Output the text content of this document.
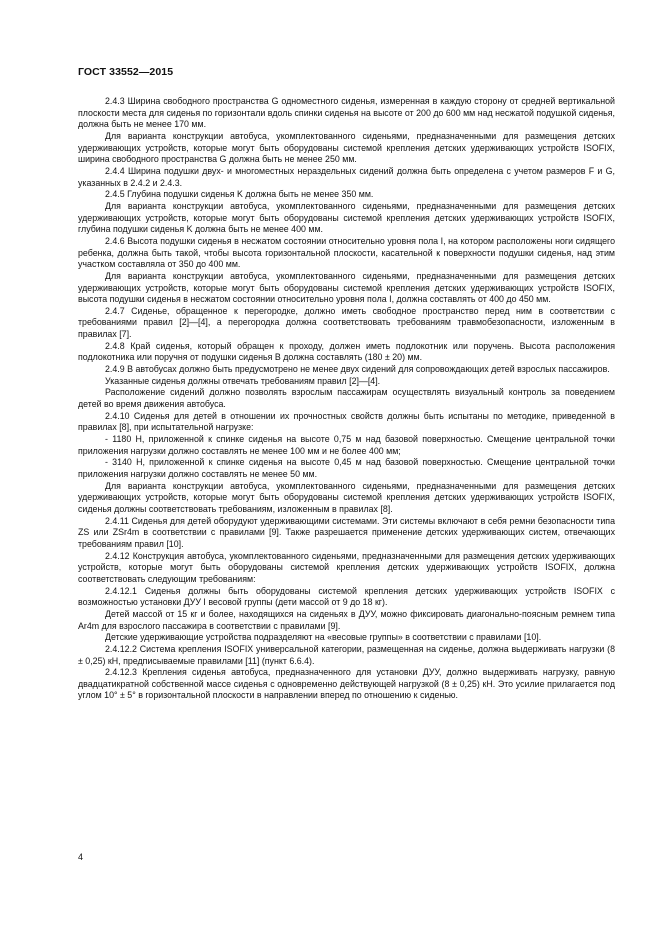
ГОСТ 33552—2015

2.4.3 Ширина свободного пространства G одноместного сиденья, измеренная в каждую сторону от средней вертикальной плоскости места для сиденья по горизонтали вдоль спинки сиденья на высоте от 200 до 600 мм над несжатой подушкой сиденья, должна быть не менее 170 мм.

Для варианта конструкции автобуса, укомплектованного сиденьями, предназначенными для размещения детских удерживающих устройств, которые могут быть оборудованы системой крепления детских удерживающих устройств ISOFIX, ширина свободного пространства G должна быть не менее 250 мм.

2.4.4 Ширина подушки двух- и многоместных нераздельных сидений должна быть определена с учетом размеров F и G, указанных в 2.4.2 и 2.4.3.

2.4.5 Глубина подушки сиденья K должна быть не менее 350 мм.

Для варианта конструкции автобуса, укомплектованного сиденьями, предназначенными для размещения детских удерживающих устройств, которые могут быть оборудованы системой крепления детских удерживающих устройств ISOFIX, глубина подушки сиденья K должна быть не менее 400 мм.

2.4.6 Высота подушки сиденья в несжатом состоянии относительно уровня пола I, на котором расположены ноги сидящего ребенка, должна быть такой, чтобы высота горизонтальной плоскости, касательной к поверхности подушки сиденья, над этим участком составляла от 350 до 400 мм.

Для варианта конструкции автобуса, укомплектованного сиденьями, предназначенными для размещения детских удерживающих устройств, которые могут быть оборудованы системой крепления детских удерживающих устройств ISOFIX, высота подушки сиденья в несжатом состоянии относительно уровня пола I, должна составлять от 400 до 450 мм.

2.4.7 Сиденье, обращенное к перегородке, должно иметь свободное пространство перед ним в соответствии с требованиями правил [2]—[4], а перегородка должна соответствовать требованиям травмобезопасности, изложенным в правилах [7].

2.4.8 Край сиденья, который обращен к проходу, должен иметь подлокотник или поручень. Высота расположения подлокотника или поручня от подушки сиденья B должна составлять (180 ± 20) мм.

2.4.9 В автобусах должно быть предусмотрено не менее двух сидений для сопровождающих детей взрослых пассажиров.

Указанные сиденья должны отвечать требованиям правил [2]—[4].

Расположение сидений должно позволять взрослым пассажирам осуществлять визуальный контроль за поведением детей во время движения автобуса.

2.4.10 Сиденья для детей в отношении их прочностных свойств должны быть испытаны по методике, приведенной в правилах [8], при испытательной нагрузке:

- 1180 Н, приложенной к спинке сиденья на высоте 0,75 м над базовой поверхностью. Смещение центральной точки приложения нагрузки должно составлять не менее 100 мм и не более 400 мм;

- 3140 Н, приложенной к спинке сиденья на высоте 0,45 м над базовой поверхностью. Смещение центральной точки приложения нагрузки должно составлять не менее 50 мм.

Для варианта конструкции автобуса, укомплектованного сиденьями, предназначенными для размещения детских удерживающих устройств, которые могут быть оборудованы системой крепления детских удерживающих устройств ISOFIX, сиденья должны соответствовать требованиям, изложенным в правилах [8].

2.4.11 Сиденья для детей оборудуют удерживающими системами. Эти системы включают в себя ремни безопасности типа ZS или ZSr4m в соответствии с правилами [9]. Также разрешается применение детских удерживающих систем, отвечающих требованиям правил [10].

2.4.12 Конструкция автобуса, укомплектованного сиденьями, предназначенными для размещения детских удерживающих устройств, которые могут быть оборудованы системой крепления детских удерживающих устройств ISOFIX, должна соответствовать следующим требованиям:

2.4.12.1 Сиденья должны быть оборудованы системой крепления детских удерживающих устройств ISOFIX с возможностью установки ДУУ I весовой группы (дети массой от 9 до 18 кг).

Детей массой от 15 кг и более, находящихся на сиденьях в ДУУ, можно фиксировать диагонально-поясным ремнем типа Ar4m для взрослого пассажира в соответствии с правилами [9].

Детские удерживающие устройства подразделяют на «весовые группы» в соответствии с правилами [10].

2.4.12.2 Система крепления ISOFIX универсальной категории, размещенная на сиденье, должна выдерживать нагрузки (8 ± 0,25) кН, предписываемые правилами [11] (пункт 6.6.4).

2.4.12.3 Крепления сиденья автобуса, предназначенного для установки ДУУ, должно выдерживать нагрузку, равную двадцатикратной собственной массе сиденья с одновременно действующей нагрузкой (8 ± 0,25) кН. Это усилие прилагается под углом 10° ± 5° в горизонтальной плоскости в направлении вперед по отношению к сиденью.

4
